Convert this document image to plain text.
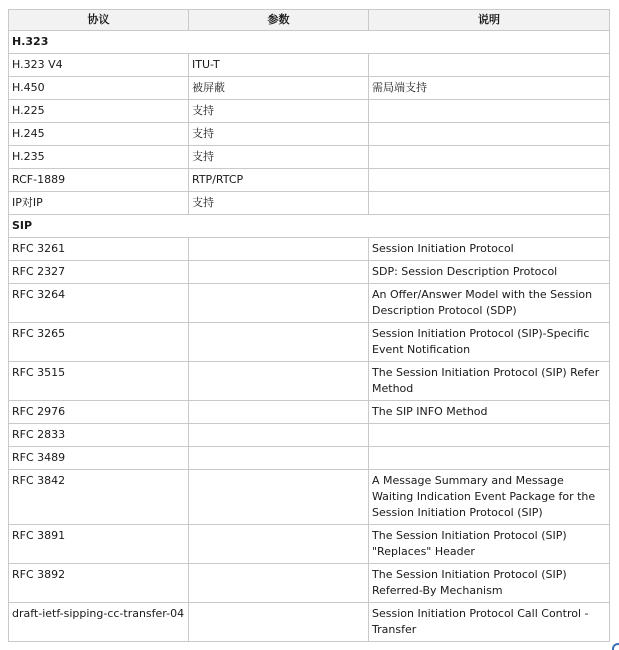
协议	参数	说明
H.323		
H.323 V4	ITU-T	
H.450	被屏蔽	需局端支持
H.225	支持	
H.245	支持	
H.235	支持	
RCF-1889	RTP/RTCP	
IP对IP	支持	
SIP		
RFC 3261		Session Initiation Protocol
RFC 2327		SDP: Session Description Protocol
RFC 3264		An Offer/Answer Model with the Session Description Protocol (SDP)
RFC 3265		Session Initiation Protocol (SIP)-Specific Event Notification
RFC 3515		The Session Initiation Protocol (SIP) Refer Method
RFC 2976		The SIP INFO Method
RFC 2833		
RFC 3489		
RFC 3842		A Message Summary and Message Waiting Indication Event Package for the Session Initiation Protocol (SIP)
RFC 3891		The Session Initiation Protocol (SIP) "Replaces" Header
RFC 3892		The Session Initiation Protocol (SIP) Referred-By Mechanism
draft-ietf-sipping-cc-transfer-04		Session Initiation Protocol Call Control - Transfer
